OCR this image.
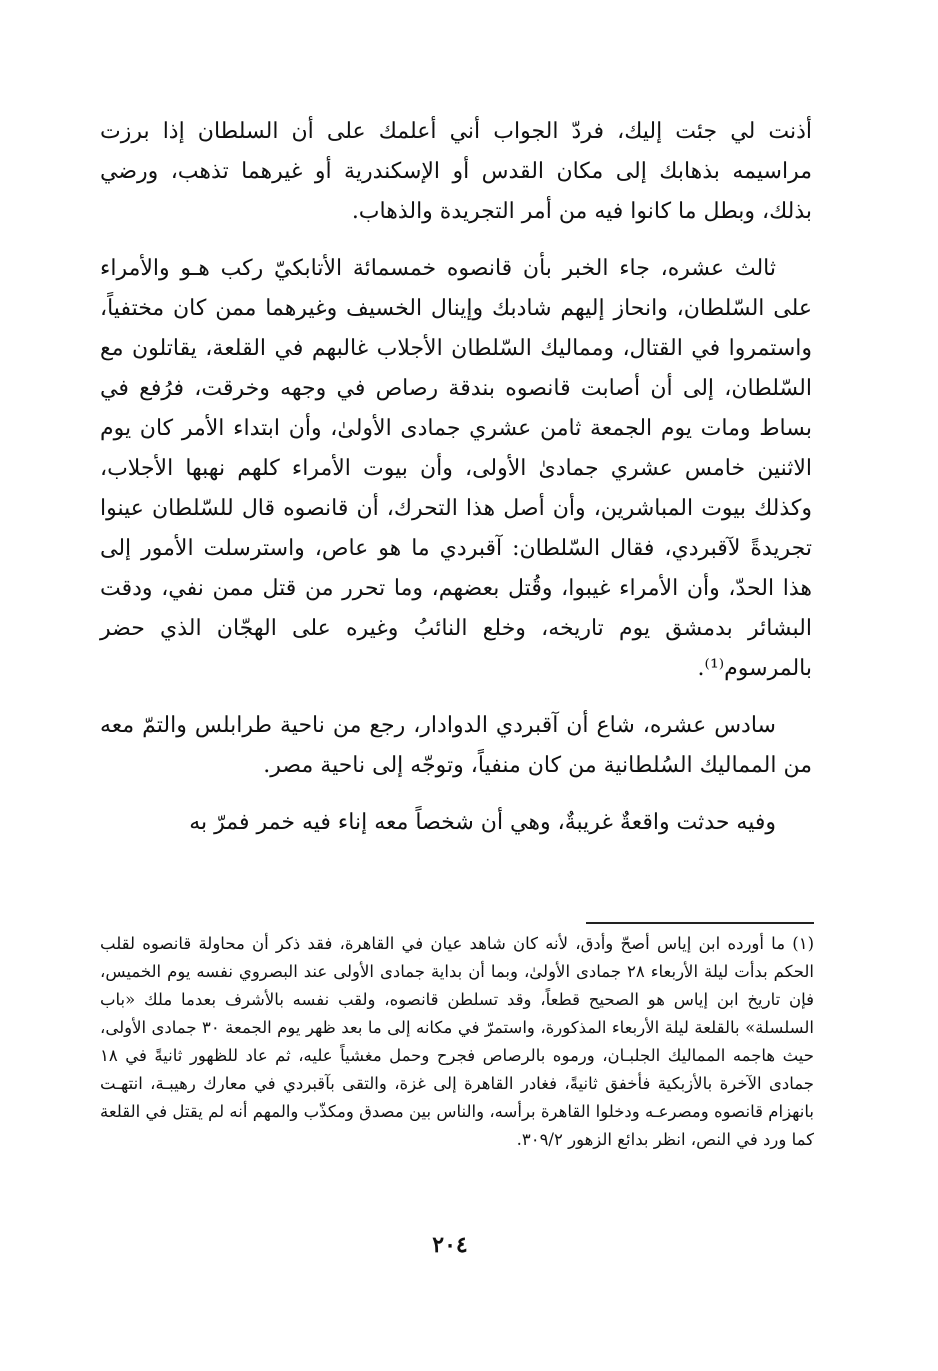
أذنت لي جئت إليك، فردّ الجواب أني أعلمك على أن السلطان إذا برزت مراسيمه بذهابك إلى مكان القدس أو الإسكندرية أو غيرهما تذهب، ورضي بذلك، وبطل ما كانوا فيه من أمر التجريدة والذهاب.

ثالث عشره، جاء الخبر بأن قانصوه خمسمائة الأتابكيّ ركب هـو والأمراء على السّلطان، وانحاز إليهم شادبك وإينال الخسيف وغيرهما ممن كان مختفياً، واستمروا في القتال، ومماليك السّلطان الأجلاب غالبهم في القلعة، يقاتلون مع السّلطان، إلى أن أصابت قانصوه بندقة رصاص في وجهه وخرقت، فرُفع في بساط ومات يوم الجمعة ثامن عشري جمادى الأولىٰ، وأن ابتداء الأمر كان يوم الاثنين خامس عشري جمادىٰ الأولى، وأن بيوت الأمراء كلهم نهبها الأجلاب، وكذلك بيوت المباشرين، وأن أصل هذا التحرك، أن قانصوه قال للسّلطان عينوا تجريدةً لآقبردي، فقال السّلطان: آقبردي ما هو عاص، واسترسلت الأمور إلى هذا الحدّ، وأن الأمراء غيبوا، وقُتل بعضهم، وما تحرر من قتل ممن نفي، ودقت البشائر بدمشق يوم تاريخه، وخلع النائبُ وغيره على الهجّان الذي حضر بالمرسوم⁽¹⁾.

سادس عشره، شاع أن آقبردي الدوادار، رجع من ناحية طرابلس والتمّ معه من المماليك السُلطانية من كان منفياً، وتوجّه إلى ناحية مصر.

وفيه حدثت واقعةٌ غريبةٌ، وهي أن شخصاً معه إناء فيه خمر فمرّ به

(١) ما أورده ابن إياس أصحّ وأدق، لأنه كان شاهد عيان في القاهرة، فقد ذكر أن محاولة قانصوه لقلب الحكم بدأت ليلة الأربعاء ٢٨ جمادى الأولىٰ، وبما أن بداية جمادى الأولى عند البصروي نفسه يوم الخميس، فإن تاريخ ابن إياس هو الصحيح قطعاً، وقد تسلطن قانصوه، ولقب نفسه بالأشرف بعدما ملك «باب السلسلة» بالقلعة ليلة الأربعاء المذكورة، واستمرّ في مكانه إلى ما بعد ظهر يوم الجمعة ٣٠ جمادى الأولى، حيث هاجمه المماليك الجلبـان، ورموه بالرصاص فجرح وحمل مغشياً عليه، ثم عاد للظهور ثانيةً في ١٨ جمادى الآخرة بالأزبكية فأخفق ثانيةً، فغادر القاهرة إلى غزة، والتقى بآقبردي في معارك رهيبـة، انتهـت بانهزام قانصوه ومصرعـه ودخلوا القاهرة برأسه، والناس بين مصدق ومكذّب والمهم أنه لم يقتل في القلعة كما ورد في النص، انظر بدائع الزهور ٣٠٩/٢.

٢٠٤
